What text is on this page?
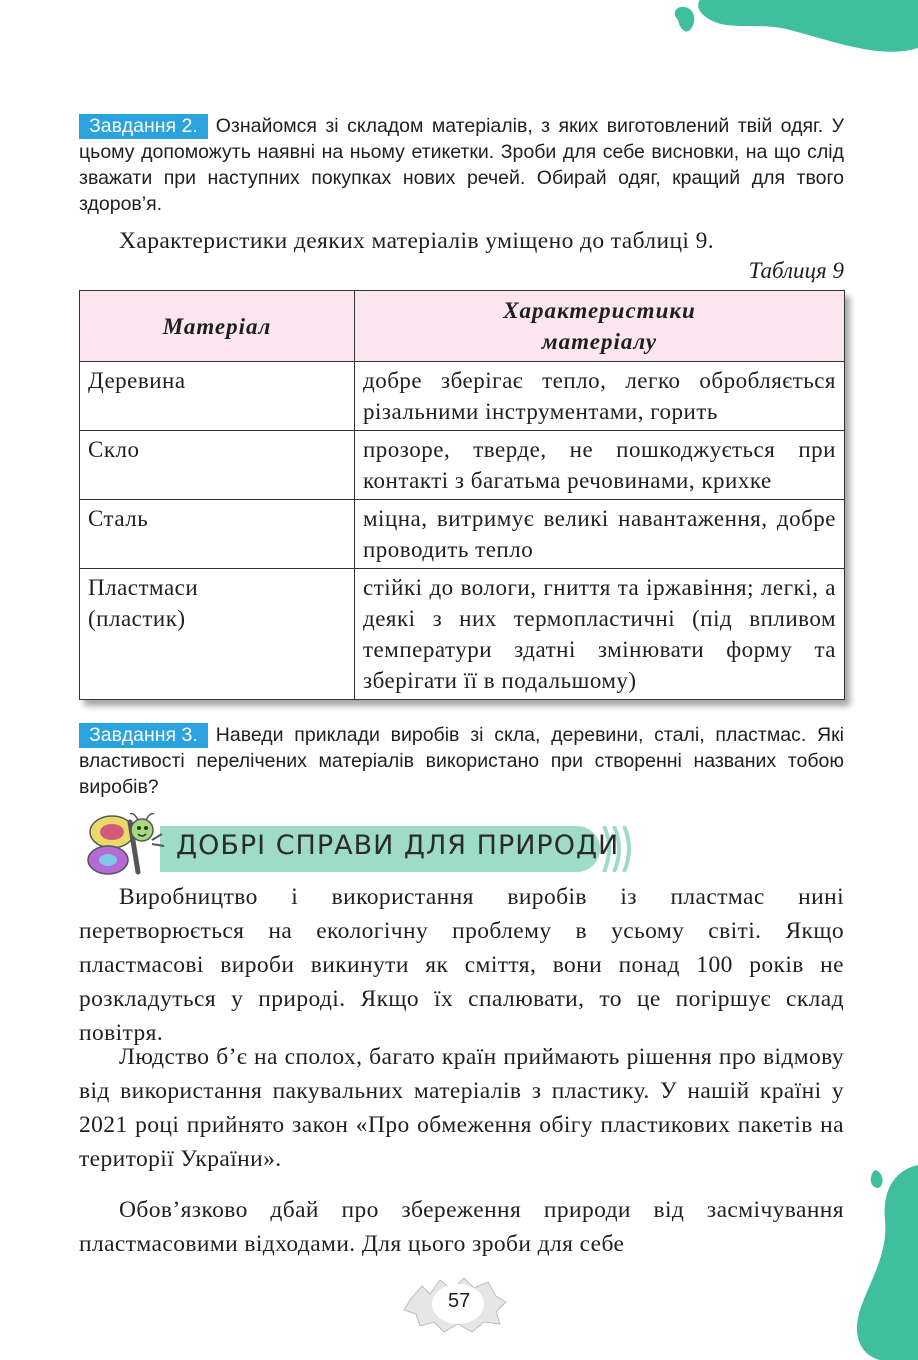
Завдання 2. Ознайомся зі складом матеріалів, з яких виготовлений твій одяг. У цьому допоможуть наявні на ньому етикетки. Зроби для себе висновки, на що слід зважати при наступних покупках нових речей. Обирай одяг, кращий для твого здоров’я.
Характеристики деяких матеріалів уміщено до таблиці 9.
Таблиця 9
Матеріал	Характеристики матеріалу
Деревина	добре зберігає тепло, легко обробляється різальними інструментами, горить
Скло	прозоре, тверде, не пошкоджується при контакті з багатьма речовинами, крихке
Сталь	міцна, витримує великі навантаження, добре проводить тепло
Пластмаси (пластик)	стійкі до вологи, гниття та іржавіння; легкі, а деякі з них термопластичні (під впливом температури здатні змінювати форму та зберігати її в подальшому)
Завдання 3. Наведи приклади виробів зі скла, деревини, сталі, пластмас. Які властивості перелічених матеріалів використано при створенні названих тобою виробів?
ДОБРІ СПРАВИ ДЛЯ ПРИРОДИ
Виробництво і використання виробів із пластмас нині перетворюється на екологічну проблему в усьому світі. Якщо пластмасові вироби викинути як сміття, вони понад 100 років не розкладуться у природі. Якщо їх спалювати, то це погіршує склад повітря.
Людство б’є на сполох, багато країн приймають рішення про відмову від використання пакувальних матеріалів з пластику. У нашій країні у 2021 році прийнято закон «Про обмеження обігу пластикових пакетів на території України».
Обов’язково дбай про збереження природи від засмічування пластмасовими відходами. Для цього зроби для себе
57
